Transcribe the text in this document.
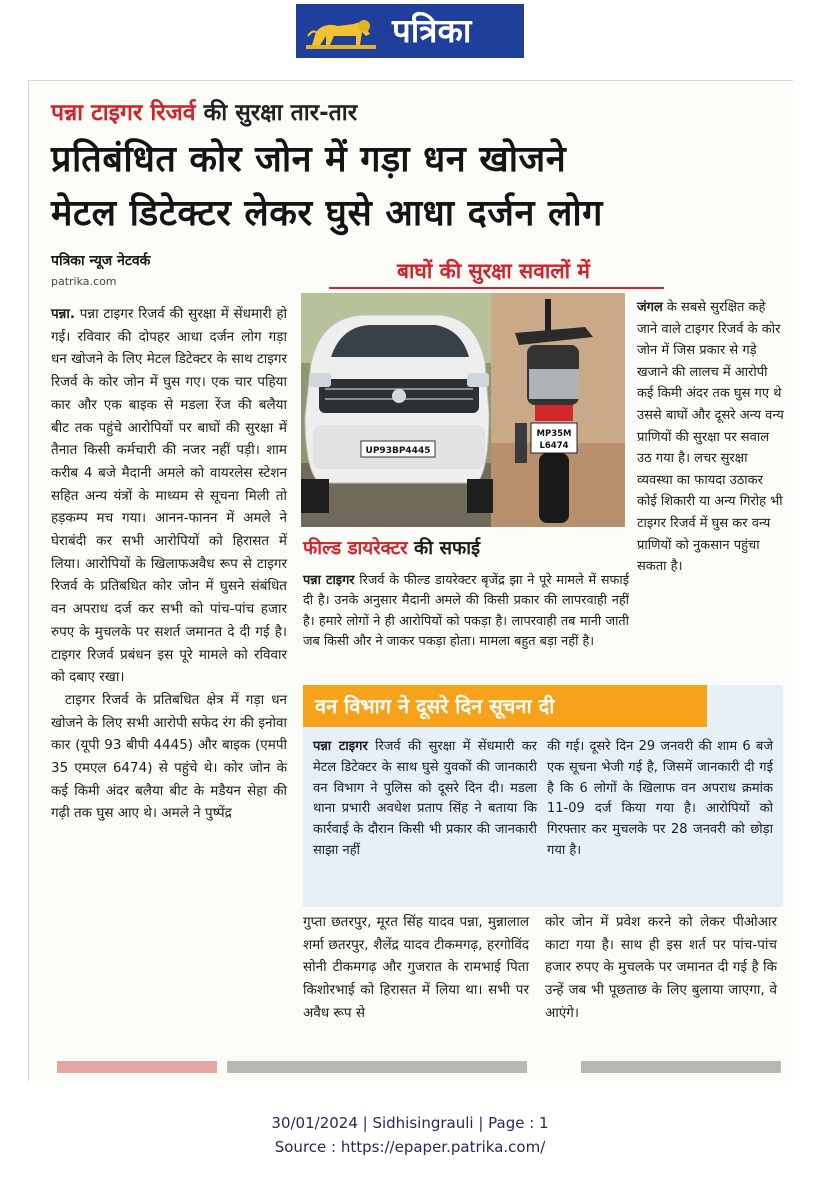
पत्रिका
पन्ना टाइगर रिजर्व की सुरक्षा तार-तार
प्रतिबंधित कोर जोन में गड़ा धन खोजने
मेटल डिटेक्टर लेकर घुसे आधा दर्जन लोग
पत्रिका न्यूज नेटवर्क
patrika.com	बाघों की सुरक्षा सवालों में

पन्ना. पन्ना टाइगर रिजर्व की सुरक्षा में सेंधमारी हो गई। रविवार की दोपहर आधा दर्जन लोग गड़ा धन खोजने के लिए मेटल डिटेक्टर के साथ टाइगर रिजर्व के कोर जोन में घुस गए। एक चार पहिया कार और एक बाइक से मडला रेंज की बलैया बीट तक पहुंचे आरोपियों पर बाघों की सुरक्षा में तैनात किसी कर्मचारी की नजर नहीं पड़ी। शाम करीब 4 बजे मैदानी अमले को वायरलेस स्टेशन सहित अन्य यंत्रों के माध्यम से सूचना मिली तो हड़कम्प मच गया। आनन-फानन में अमले ने घेराबंदी कर सभी आरोपियों को हिरासत में लिया। आरोपियों के खिलाफअवैध रूप से टाइगर रिजर्व के प्रतिबधित कोर जोन में घुसने संबंधित वन अपराध दर्ज कर सभी को पांच-पांच हजार रुपए के मुचलके पर सशर्त जमानत दे दी गई है। टाइगर रिजर्व प्रबंधन इस पूरे मामले को रविवार को दबाए रखा।

टाइगर रिजर्व के प्रतिबधित क्षेत्र में गड़ा धन खोजने के लिए सभी आरोपी सफेद रंग की इनोवा कार (यूपी 93 बीपी 4445) और बाइक (एमपी 35 एमएल 6474) से पहुंचे थे। कोर जोन के कई किमी अंदर बलैया बीट के मडैयन सेहा की गढ़ी तक घुस आए थे। अमले ने पुष्पेंद्र

UP93BP4445
MP35M
L6474
जंगल के सबसे सुरक्षित कहे जाने वाले टाइगर रिजर्व के कोर जोन में जिस प्रकार से गड़े खजाने की लालच में आरोपी कई किमी अंदर तक घुस गए थे उससे बाघों और दूसरे अन्य वन्य प्राणियों की सुरक्षा पर सवाल उठ गया है। लचर सुरक्षा व्यवस्था का फायदा उठाकर कोई शिकारी या अन्य गिरोह भी टाइगर रिजर्व में घुस कर वन्य प्राणियों को नुकसान पहुंचा सकता है।
फील्ड डायरेक्टर की सफाई
पन्ना टाइगर रिजर्व के फील्ड डायरेक्टर बृजेंद्र झा ने पूरे मामले में सफाई दी है। उनके अनुसार मैदानी अमले की किसी प्रकार की लापरवाही नहीं है। हमारे लोगों ने ही आरोपियों को पकड़ा है। लापरवाही तब मानी जाती जब किसी और ने जाकर पकड़ा होता। मामला बहुत बड़ा नहीं है।
वन विभाग ने दूसरे दिन सूचना दी
पन्ना टाइगर रिजर्व की सुरक्षा में सेंधमारी कर मेटल डिटेक्टर के साथ घुसे युवकों की जानकारी वन विभाग ने पुलिस को दूसरे दिन दी। मडला थाना प्रभारी अवधेश प्रताप सिंह ने बताया कि कार्रवाई के दौरान किसी भी प्रकार की जानकारी साझा नहीं
की गई। दूसरे दिन 29 जनवरी की शाम 6 बजे एक सूचना भेजी गई है, जिसमें जानकारी दी गई है कि 6 लोगों के खिलाफ वन अपराध क्रमांक 11-09 दर्ज किया गया है। आरोपियों को गिरफ्तार कर मुचलके पर 28 जनवरी को छोड़ा गया है।
गुप्ता छतरपुर, मूरत सिंह यादव पन्ना, मुन्नालाल शर्मा छतरपुर, शैलेंद्र यादव टीकमगढ़, हरगोविंद सोनी टीकमगढ़ और गुजरात के रामभाई पिता किशोरभाई को हिरासत में लिया था। सभी पर अवैध रूप से
कोर जोन में प्रवेश करने को लेकर पीओआर काटा गया है। साथ ही इस शर्त पर पांच-पांच हजार रुपए के मुचलके पर जमानत दी गई है कि उन्हें जब भी पूछताछ के लिए बुलाया जाएगा, वे आएंगे।
30/01/2024 | Sidhisingrauli | Page : 1
Source : https://epaper.patrika.com/
